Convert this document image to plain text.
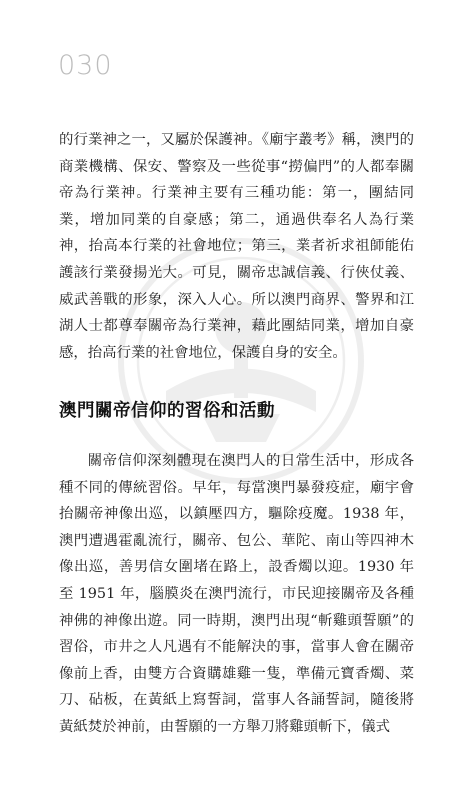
030

的行業神之一，又屬於保護神。《廟宇叢考》稱，澳門的商業機構、保安、警察及一些從事“撈偏門”的人都奉關帝為行業神。行業神主要有三種功能：第一，團結同業，增加同業的自豪感；第二，通過供奉名人為行業神，抬高本行業的社會地位；第三，業者祈求祖師能佑護該行業發揚光大。可見，關帝忠誠信義、行俠仗義、威武善戰的形象，深入人心。所以澳門商界、警界和江湖人士都尊奉關帝為行業神，藉此團結同業，增加自豪感，抬高行業的社會地位，保護自身的安全。

澳門關帝信仰的習俗和活動

關帝信仰深刻體現在澳門人的日常生活中，形成各種不同的傳統習俗。早年，每當澳門暴發疫症，廟宇會抬關帝神像出巡，以鎮壓四方，驅除疫魔。1938 年，澳門遭遇霍亂流行，關帝、包公、華陀、南山等四神木像出巡，善男信女圍堵在路上，設香燭以迎。1930 年至 1951 年，腦膜炎在澳門流行，市民迎接關帝及各種神佛的神像出遊。同一時期，澳門出現“斬雞頭誓願”的習俗，市井之人凡遇有不能解決的事，當事人會在關帝像前上香，由雙方合資購雄雞一隻，準備元寶香燭、菜刀、砧板，在黃紙上寫誓詞，當事人各誦誓詞，隨後將黃紙焚於神前，由誓願的一方舉刀將雞頭斬下，儀式
